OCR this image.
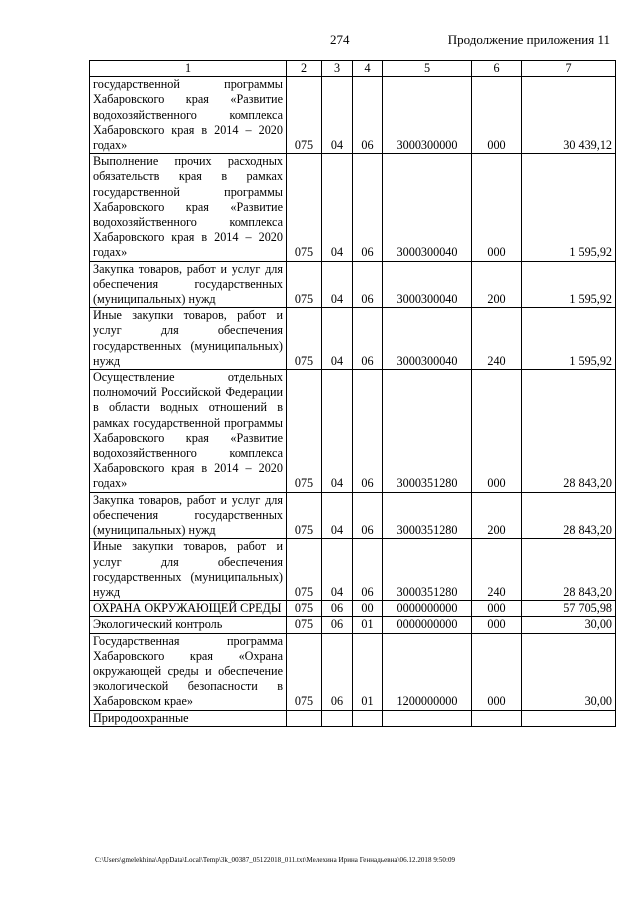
274	Продолжение приложения 11
1	2	3	4	5	6	7
государственной программы Хабаровского края «Развитие водохозяйственного комплекса Хабаровского края в 2014 – 2020 годах»	075	04	06	3000300000	000	30 439,12
Выполнение прочих расходных обязательств края в рамках государственной программы Хабаровского края «Развитие водохозяйственного комплекса Хабаровского края в 2014 – 2020 годах»	075	04	06	3000300040	000	1 595,92
Закупка товаров, работ и услуг для обеспечения государственных (муниципальных) нужд	075	04	06	3000300040	200	1 595,92
Иные закупки товаров, работ и услуг для обеспечения государственных (муниципальных) нужд	075	04	06	3000300040	240	1 595,92
Осуществление отдельных полномочий Российской Федерации в области водных отношений в рамках государственной программы Хабаровского края «Развитие водохозяйственного комплекса Хабаровского края в 2014 – 2020 годах»	075	04	06	3000351280	000	28 843,20
Закупка товаров, работ и услуг для обеспечения государственных (муниципальных) нужд	075	04	06	3000351280	200	28 843,20
Иные закупки товаров, работ и услуг для обеспечения государственных (муниципальных) нужд	075	04	06	3000351280	240	28 843,20
ОХРАНА ОКРУЖАЮЩЕЙ СРЕДЫ	075	06	00	0000000000	000	57 705,98
Экологический контроль	075	06	01	0000000000	000	30,00
Государственная программа Хабаровского края «Охрана окружающей среды и обеспечение экологической безопасности в Хабаровском крае»	075	06	01	1200000000	000	30,00
Природоохранные						
C:\Users\gmelekhina\AppData\Local\Temp\3k_00387_05122018_011.txt\Мелехина Ирина Геннадьевна\06.12.2018 9:50:09
